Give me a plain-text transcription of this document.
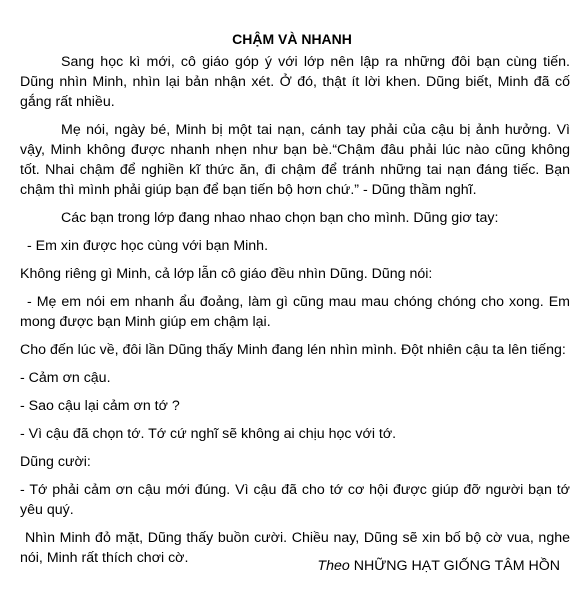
CHẬM VÀ NHANH

Sang học kì mới, cô giáo góp ý với lớp nên lập ra những đôi bạn cùng tiến. Dũng nhìn Minh, nhìn lại bản nhận xét. Ở đó, thật ít lời khen. Dũng biết, Minh đã cố gắng rất nhiều.

Mẹ nói, ngày bé, Minh bị một tai nạn, cánh tay phải của cậu bị ảnh hưởng. Vì vậy, Minh không được nhanh nhẹn như bạn bè.“Chậm đâu phải lúc nào cũng không tốt. Nhai chậm để nghiền kĩ thức ăn, đi chậm để tránh những tai nạn đáng tiếc. Bạn chậm thì mình phải giúp bạn để bạn tiến bộ hơn chứ.” - Dũng thầm nghĩ.

Các bạn trong lớp đang nhao nhao chọn bạn cho mình. Dũng giơ tay:

- Em xin được học cùng với bạn Minh.

Không riêng gì Minh, cả lớp lẫn cô giáo đều nhìn Dũng. Dũng nói:

- Mẹ em nói em nhanh ẩu đoảng, làm gì cũng mau mau chóng chóng cho xong. Em mong được bạn Minh giúp em chậm lại.

Cho đến lúc về, đôi lần Dũng thấy Minh đang lén nhìn mình. Đột nhiên cậu ta lên tiếng:

- Cảm ơn cậu.

- Sao cậu lại cảm ơn tớ ?

- Vì cậu đã chọn tớ. Tớ cứ nghĩ sẽ không ai chịu học với tớ.

Dũng cười:

- Tớ phải cảm ơn cậu mới đúng. Vì cậu đã cho tớ cơ hội được giúp đỡ người bạn tớ yêu quý.

Nhìn Minh đỏ mặt, Dũng thấy buồn cười. Chiều nay, Dũng sẽ xin bố bộ cờ vua, nghe nói, Minh rất thích chơi cờ.	Theo NHỮNG HẠT GIỐNG TÂM HỒN
